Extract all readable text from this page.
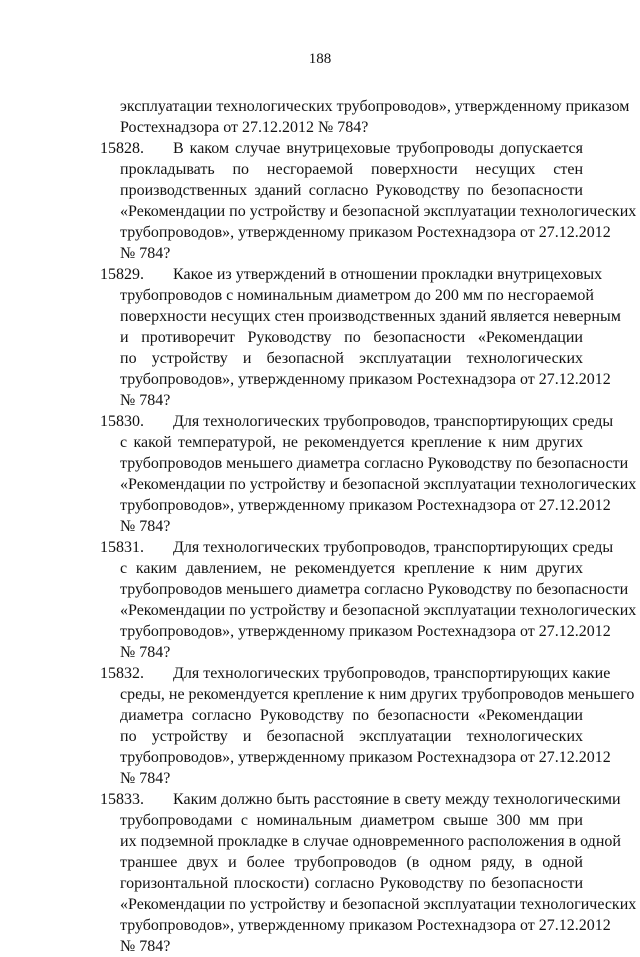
188
эксплуатации технологических трубопроводов», утвержденному приказом
Ростехнадзора от 27.12.2012 № 784?
15828. В каком случае внутрицеховые трубопроводы допускается
прокладывать по несгораемой поверхности несущих стен
производственных зданий согласно Руководству по безопасности
«Рекомендации по устройству и безопасной эксплуатации технологических
трубопроводов», утвержденному приказом Ростехнадзора от 27.12.2012
№ 784?
15829. Какое из утверждений в отношении прокладки внутрицеховых
трубопроводов с номинальным диаметром до 200 мм по несгораемой
поверхности несущих стен производственных зданий является неверным
и противоречит Руководству по безопасности «Рекомендации
по устройству и безопасной эксплуатации технологических
трубопроводов», утвержденному приказом Ростехнадзора от 27.12.2012
№ 784?
15830. Для технологических трубопроводов, транспортирующих среды
с какой температурой, не рекомендуется крепление к ним других
трубопроводов меньшего диаметра согласно Руководству по безопасности
«Рекомендации по устройству и безопасной эксплуатации технологических
трубопроводов», утвержденному приказом Ростехнадзора от 27.12.2012
№ 784?
15831. Для технологических трубопроводов, транспортирующих среды
с каким давлением, не рекомендуется крепление к ним других
трубопроводов меньшего диаметра согласно Руководству по безопасности
«Рекомендации по устройству и безопасной эксплуатации технологических
трубопроводов», утвержденному приказом Ростехнадзора от 27.12.2012
№ 784?
15832. Для технологических трубопроводов, транспортирующих какие
среды, не рекомендуется крепление к ним других трубопроводов меньшего
диаметра согласно Руководству по безопасности «Рекомендации
по устройству и безопасной эксплуатации технологических
трубопроводов», утвержденному приказом Ростехнадзора от 27.12.2012
№ 784?
15833. Каким должно быть расстояние в свету между технологическими
трубопроводами с номинальным диаметром свыше 300 мм при
их подземной прокладке в случае одновременного расположения в одной
траншее двух и более трубопроводов (в одном ряду, в одной
горизонтальной плоскости) согласно Руководству по безопасности
«Рекомендации по устройству и безопасной эксплуатации технологических
трубопроводов», утвержденному приказом Ростехнадзора от 27.12.2012
№ 784?
